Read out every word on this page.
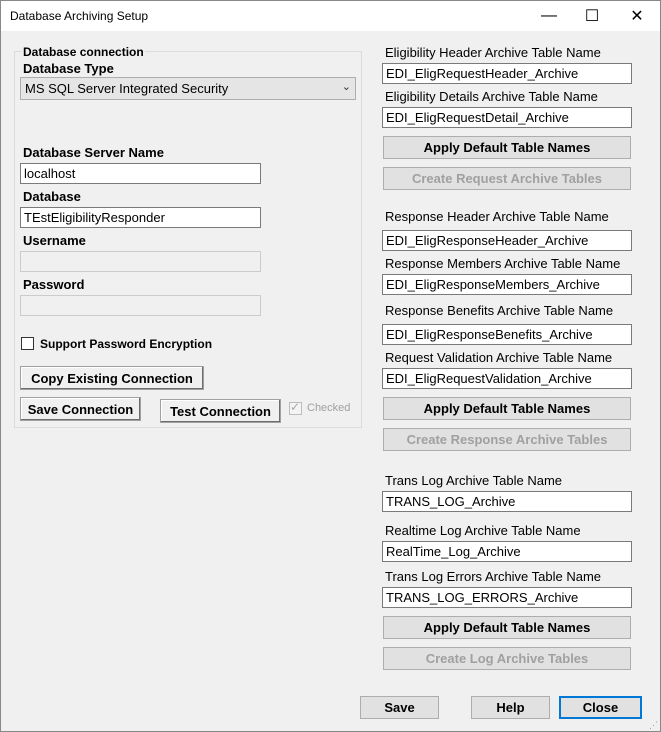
Database Archiving Setup	— ☐ ✕
Database connection
Database Type
MS SQL Server Integrated Security	⌄
Database Server Name
localhost
Database
TEstEligibilityResponder
Username
Password
Support Password Encryption
Copy Existing Connection
Save Connection	Test Connection	✓ Checked
Eligibility Header Archive Table Name
EDI_EligRequestHeader_Archive
Eligibility Details Archive Table Name
EDI_EligRequestDetail_Archive
Apply Default Table Names
Create Request Archive Tables
Response Header Archive Table Name
EDI_EligResponseHeader_Archive
Response Members Archive Table Name
EDI_EligResponseMembers_Archive
Response Benefits Archive Table Name
EDI_EligResponseBenefits_Archive
Request Validation Archive Table Name
EDI_EligRequestValidation_Archive
Apply Default Table Names
Create Response Archive Tables
Trans Log Archive Table Name
TRANS_LOG_Archive
Realtime Log Archive Table Name
RealTime_Log_Archive
Trans Log Errors Archive Table Name
TRANS_LOG_ERRORS_Archive
Apply Default Table Names
Create Log Archive Tables
Save	Help	Close
⋰
